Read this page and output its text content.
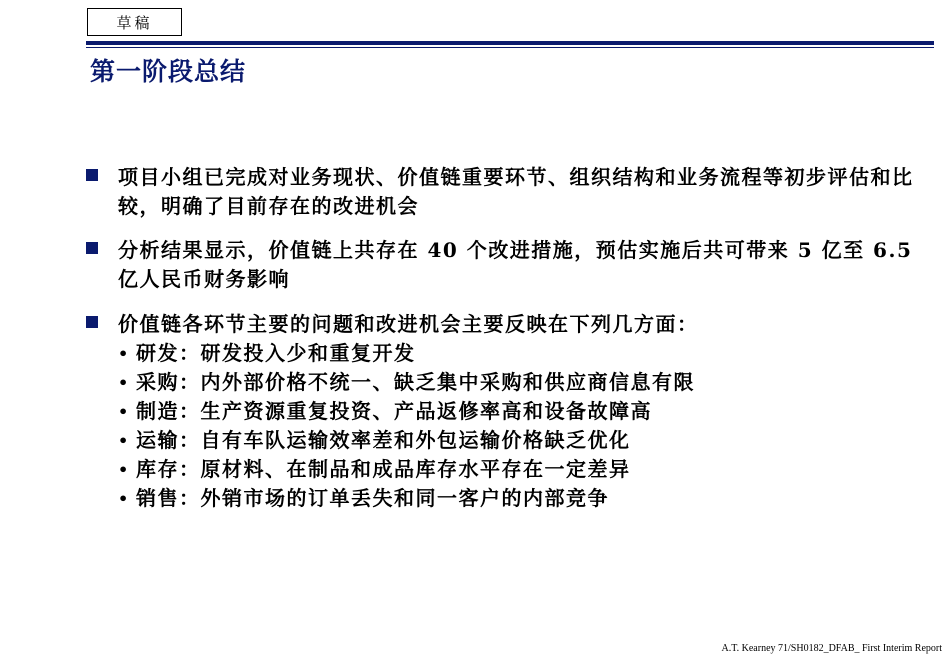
草稿
第一阶段总结
项目小组已完成对业务现状、价值链重要环节、组织结构和业务流程等初步评估和比较，明确了目前存在的改进机会
分析结果显示，价值链上共存在 40 个改进措施，预估实施后共可带来 5 亿至 6.5 亿人民币财务影响
价值链各环节主要的问题和改进机会主要反映在下列几方面：
• 研发：研发投入少和重复开发
• 采购：内外部价格不统一、缺乏集中采购和供应商信息有限
• 制造：生产资源重复投资、产品返修率高和设备故障高
• 运输：自有车队运输效率差和外包运输价格缺乏优化
• 库存：原材料、在制品和成品库存水平存在一定差异
• 销售：外销市场的订单丢失和同一客户的内部竞争
A.T. Kearney 71/SH0182_DFAB_ First Interim Report
